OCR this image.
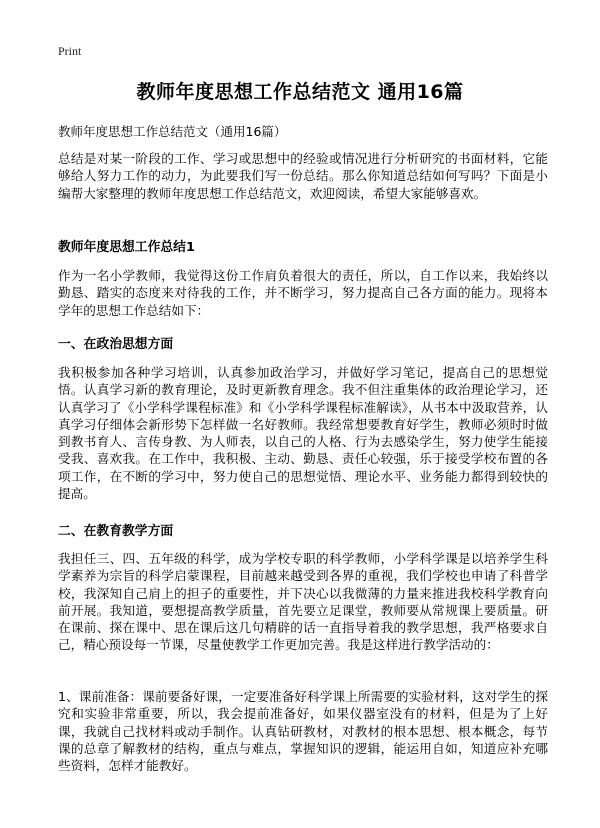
Print
教师年度思想工作总结范文 通用16篇
教师年度思想工作总结范文（通用16篇）

总结是对某一阶段的工作、学习或思想中的经验或情况进行分析研究的书面材料，它能够给人努力工作的动力，为此要我们写一份总结。那么你知道总结如何写吗？下面是小编帮大家整理的教师年度思想工作总结范文，欢迎阅读，希望大家能够喜欢。

教师年度思想工作总结1

作为一名小学教师，我觉得这份工作肩负着很大的责任，所以，自工作以来，我始终以勤恳、踏实的态度来对待我的工作，并不断学习，努力提高自己各方面的能力。现将本学年的思想工作总结如下：

一、在政治思想方面

我积极参加各种学习培训，认真参加政治学习，并做好学习笔记，提高自己的思想觉悟。认真学习新的教育理论，及时更新教育理念。我不但注重集体的政治理论学习，还认真学习了《小学科学课程标准》和《小学科学课程标准解读》，从书本中汲取营养，认真学习仔细体会新形势下怎样做一名好教师。我经常想要教育好学生，教师必须时时做到教书育人、言传身教、为人师表，以自己的人格、行为去感染学生，努力使学生能接受我、喜欢我。在工作中，我积极、主动、勤恳、责任心较强，乐于接受学校布置的各项工作，在不断的学习中，努力使自己的思想觉悟、理论水平、业务能力都得到较快的提高。

二、在教育教学方面

我担任三、四、五年级的科学，成为学校专职的科学教师，小学科学课是以培养学生科学素养为宗旨的科学启蒙课程，目前越来越受到各界的重视，我们学校也申请了科普学校，我深知自己肩上的担子的重要性，并下决心以我微薄的力量来推进我校科学教育向前开展。我知道，要想提高教学质量，首先要立足课堂，教师要从常规课上要质量。研在课前、探在课中、思在课后这几句精辟的话一直指导着我的教学思想，我严格要求自己，精心预设每一节课，尽量使教学工作更加完善。我是这样进行教学活动的：

1、课前准备：课前要备好课，一定要准备好科学课上所需要的实验材料，这对学生的探究和实验非常重要，所以，我会提前准备好，如果仪器室没有的材料，但是为了上好课，我就自己找材料或动手制作。认真钻研教材，对教材的根本思想、根本概念，每节课的总章了解教材的结构，重点与难点，掌握知识的逻辑，能运用自如，知道应补充哪些资料，怎样才能教好。
